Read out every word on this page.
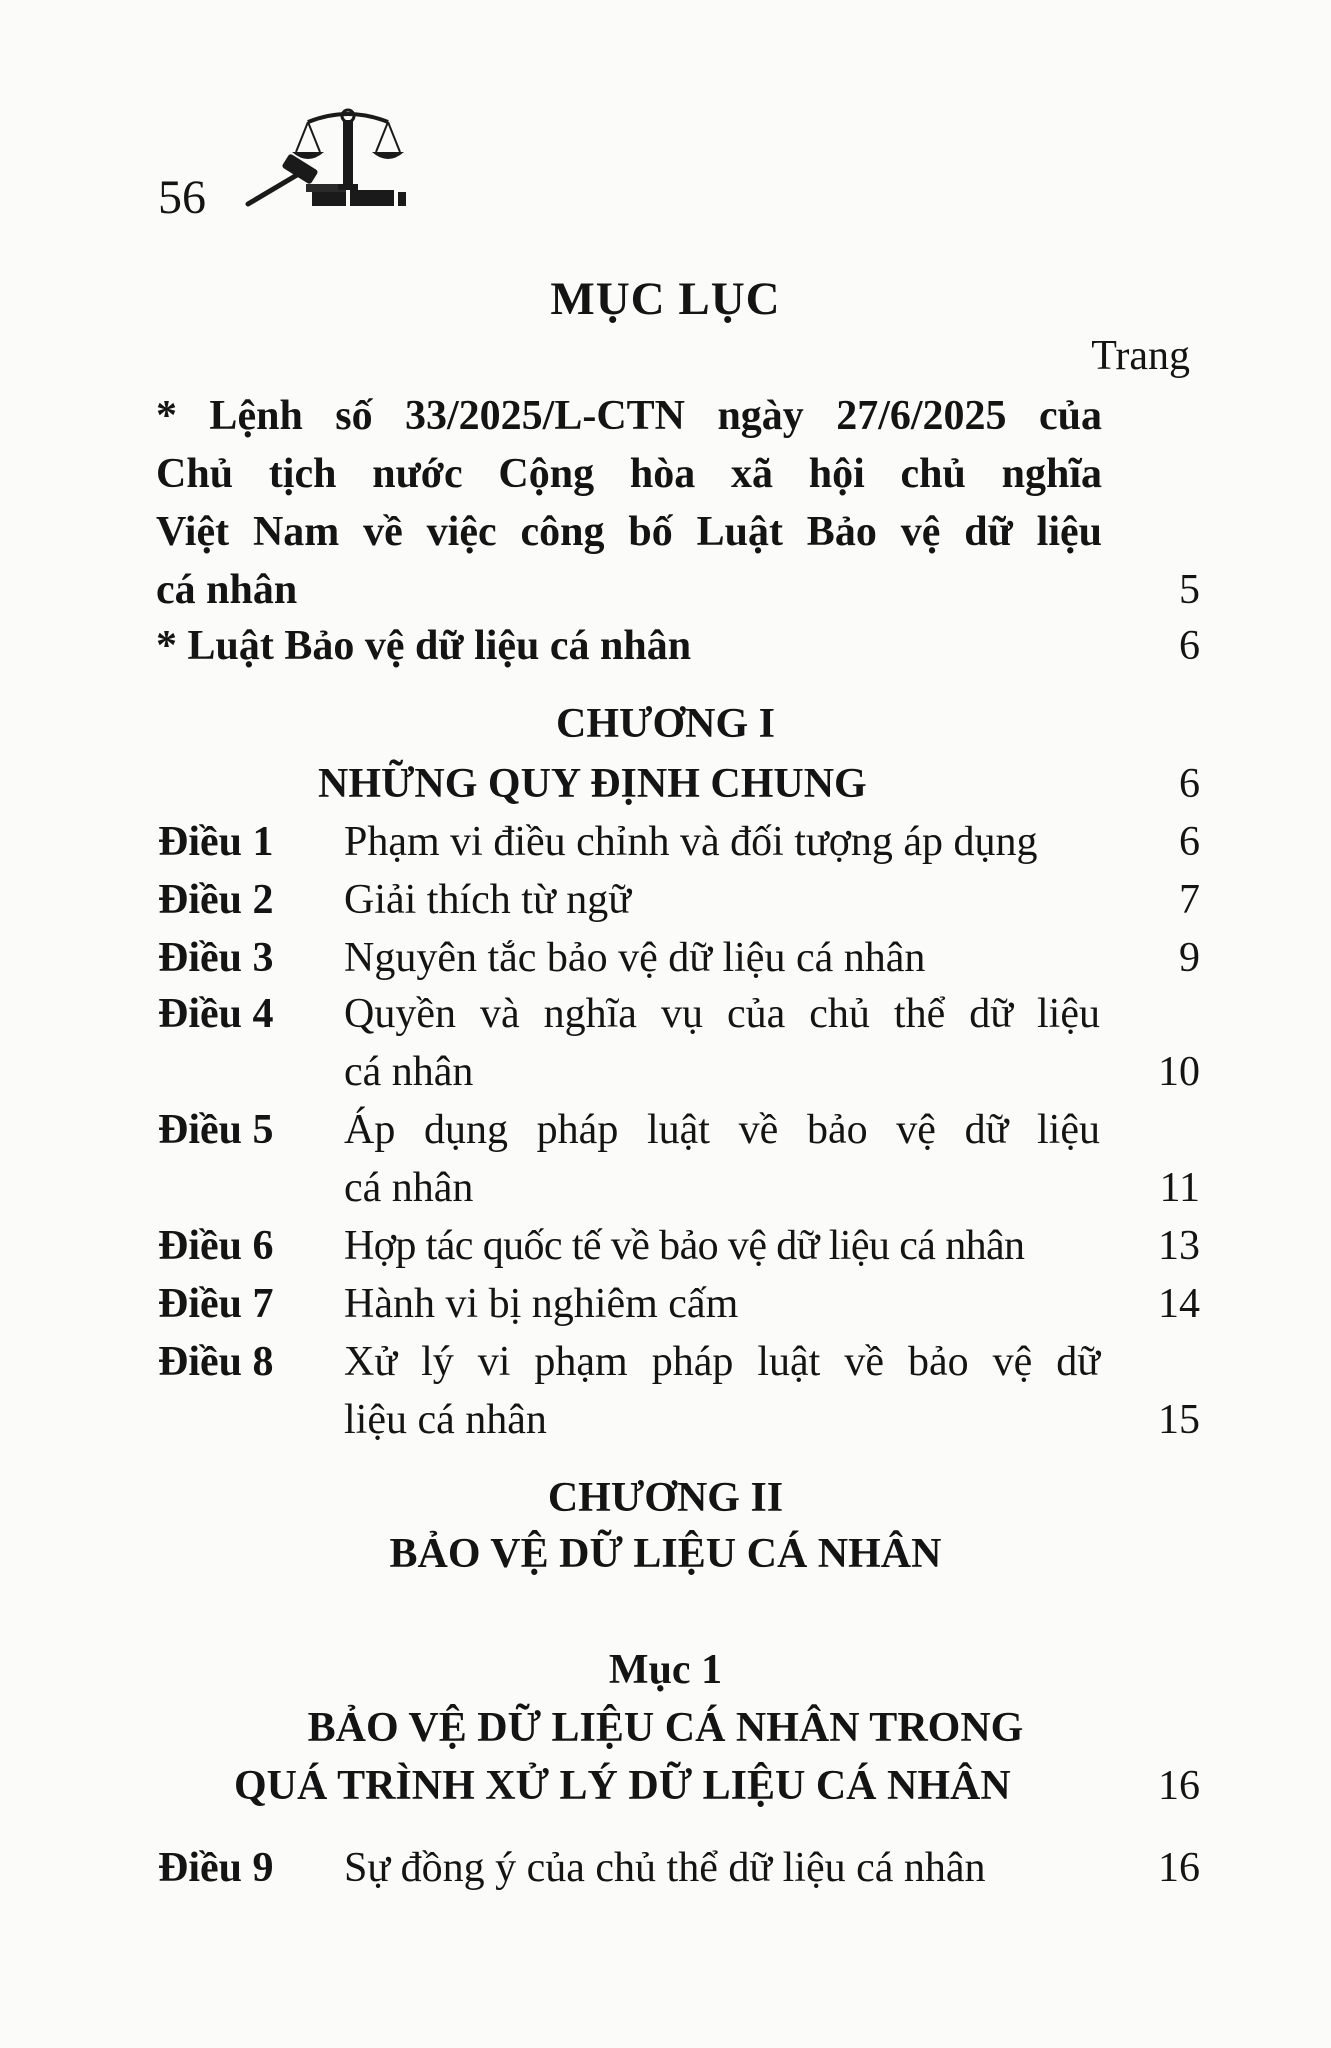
56
MỤC LỤC
Trang
* Lệnh số 33/2025/L-CTN ngày 27/6/2025 của
Chủ tịch nước Cộng hòa xã hội chủ nghĩa
Việt Nam về việc công bố Luật Bảo vệ dữ liệu
cá nhân	5
* Luật Bảo vệ dữ liệu cá nhân	6
CHƯƠNG I
NHỮNG QUY ĐỊNH CHUNG	6
Điều 1 Phạm vi điều chỉnh và đối tượng áp dụng	6
Điều 2 Giải thích từ ngữ	7
Điều 3 Nguyên tắc bảo vệ dữ liệu cá nhân	9
Điều 4 Quyền và nghĩa vụ của chủ thể dữ liệu
cá nhân	10
Điều 5 Áp dụng pháp luật về bảo vệ dữ liệu
cá nhân	11
Điều 6 Hợp tác quốc tế về bảo vệ dữ liệu cá nhân	13
Điều 7 Hành vi bị nghiêm cấm	14
Điều 8 Xử lý vi phạm pháp luật về bảo vệ dữ
liệu cá nhân	15
CHƯƠNG II
BẢO VỆ DỮ LIỆU CÁ NHÂN
Mục 1
BẢO VỆ DỮ LIỆU CÁ NHÂN TRONG
QUÁ TRÌNH XỬ LÝ DỮ LIỆU CÁ NHÂN	16
Điều 9 Sự đồng ý của chủ thể dữ liệu cá nhân	16
